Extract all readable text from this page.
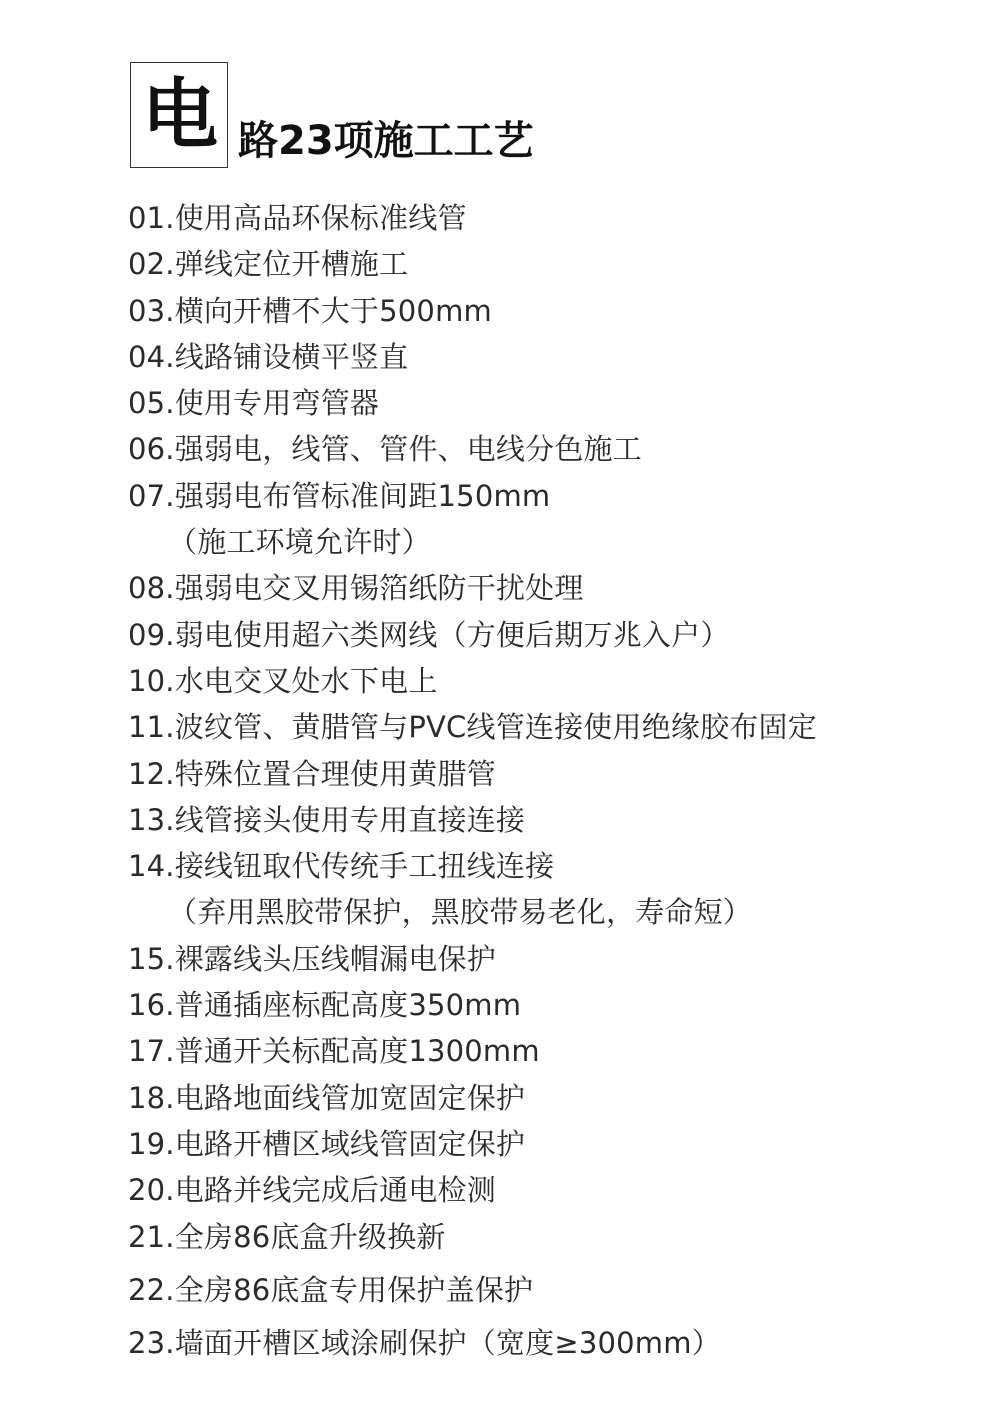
电 路23项施工工艺
01.使用高品环保标准线管
02.弹线定位开槽施工
03.横向开槽不大于500mm
04.线路铺设横平竖直
05.使用专用弯管器
06.强弱电，线管、管件、电线分色施工
07.强弱电布管标准间距150mm
（施工环境允许时）
08.强弱电交叉用锡箔纸防干扰处理
09.弱电使用超六类网线（方便后期万兆入户）
10.水电交叉处水下电上
11.波纹管、黄腊管与PVC线管连接使用绝缘胶布固定
12.特殊位置合理使用黄腊管
13.线管接头使用专用直接连接
14.接线钮取代传统手工扭线连接
（弃用黑胶带保护，黑胶带易老化，寿命短）
15.裸露线头压线帽漏电保护
16.普通插座标配高度350mm
17.普通开关标配高度1300mm
18.电路地面线管加宽固定保护
19.电路开槽区域线管固定保护
20.电路并线完成后通电检测
21.全房86底盒升级换新
22.全房86底盒专用保护盖保护
23.墙面开槽区域涂刷保护（宽度≥300mm）
